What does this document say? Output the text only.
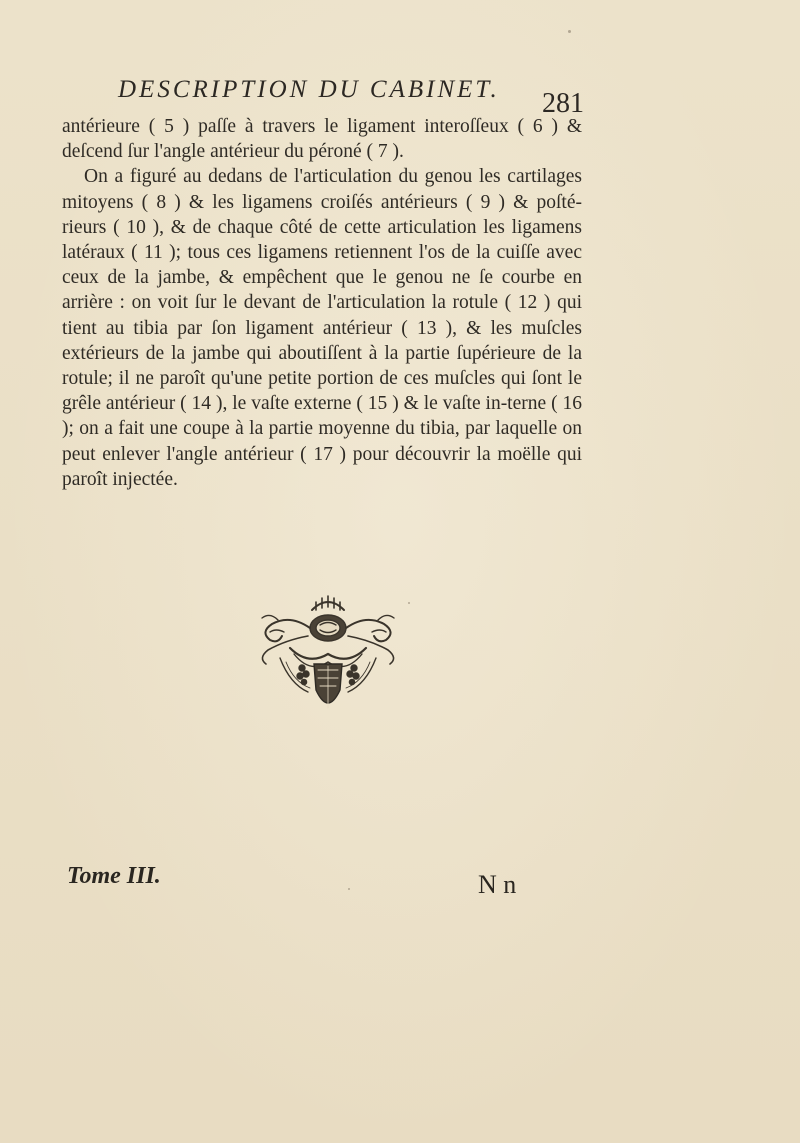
DESCRIPTION DU CABINET.	281

antérieure ( 5 ) paſſe à travers le ligament interoſſeux ( 6 ) & deſcend ſur l'angle antérieur du péroné ( 7 ).

On a figuré au dedans de l'articulation du genou les cartilages mitoyens ( 8 ) & les ligamens croiſés antérieurs ( 9 ) & poſté-rieurs ( 10 ), & de chaque côté de cette articulation les ligamens latéraux ( 11 ); tous ces ligamens retiennent l'os de la cuiſſe avec ceux de la jambe, & empêchent que le genou ne ſe courbe en arrière : on voit ſur le devant de l'articulation la rotule ( 12 ) qui tient au tibia par ſon ligament antérieur ( 13 ), & les muſcles extérieurs de la jambe qui aboutiſſent à la partie ſupérieure de la rotule; il ne paroît qu'une petite portion de ces muſcles qui ſont le grêle antérieur ( 14 ), le vaſte externe ( 15 ) & le vaſte in-terne ( 16 ); on a fait une coupe à la partie moyenne du tibia, par laquelle on peut enlever l'angle antérieur ( 17 ) pour découvrir la moëlle qui paroît injectée.

Tome III.	N n
